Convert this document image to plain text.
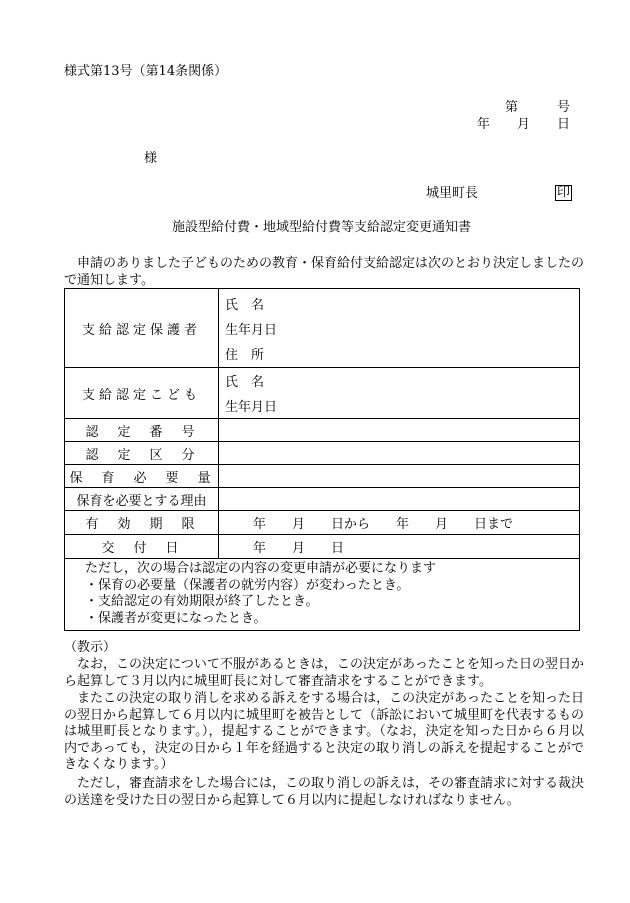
様式第13号（第14条関係）
第	号
年 月 日
様
城里町長	印
施設型給付費・地域型給付費等支給認定変更通知書
申請のありました子どものための教育・保育給付支給認定は次のとおり決定しましたので通知します。
支給認定保護者	氏　名
生年月日
住　所

支給認定こども	氏　名
生年月日

認　定　番　号	

認　定　区　分	

保　育　必　要　量	

保育を必要とする理由	

有　効　期　限	年　　月　　日から　　年　　月　　日まで

交　付　日	年　　月　　日

ただし，次の場合は認定の内容の変更申請が必要になります
・保育の必要量（保護者の就労内容）が変わったとき。
・支給認定の有効期限が終了したとき。
・保護者が変更になったとき。	
（教示）
なお，この決定について不服があるときは，この決定があったことを知った日の翌日から起算して３月以内に城里町長に対して審査請求をすることができます。
またこの決定の取り消しを求める訴えをする場合は，この決定があったことを知った日の翌日から起算して６月以内に城里町を被告として（訴訟において城里町を代表するものは城里町長となります。），提起することができます。（なお，決定を知った日から６月以内であっても，決定の日から１年を経過すると決定の取り消しの訴えを提起することができなくなります。）
ただし，審査請求をした場合には，この取り消しの訴えは，その審査請求に対する裁決の送達を受けた日の翌日から起算して６月以内に提起しなければなりません。
